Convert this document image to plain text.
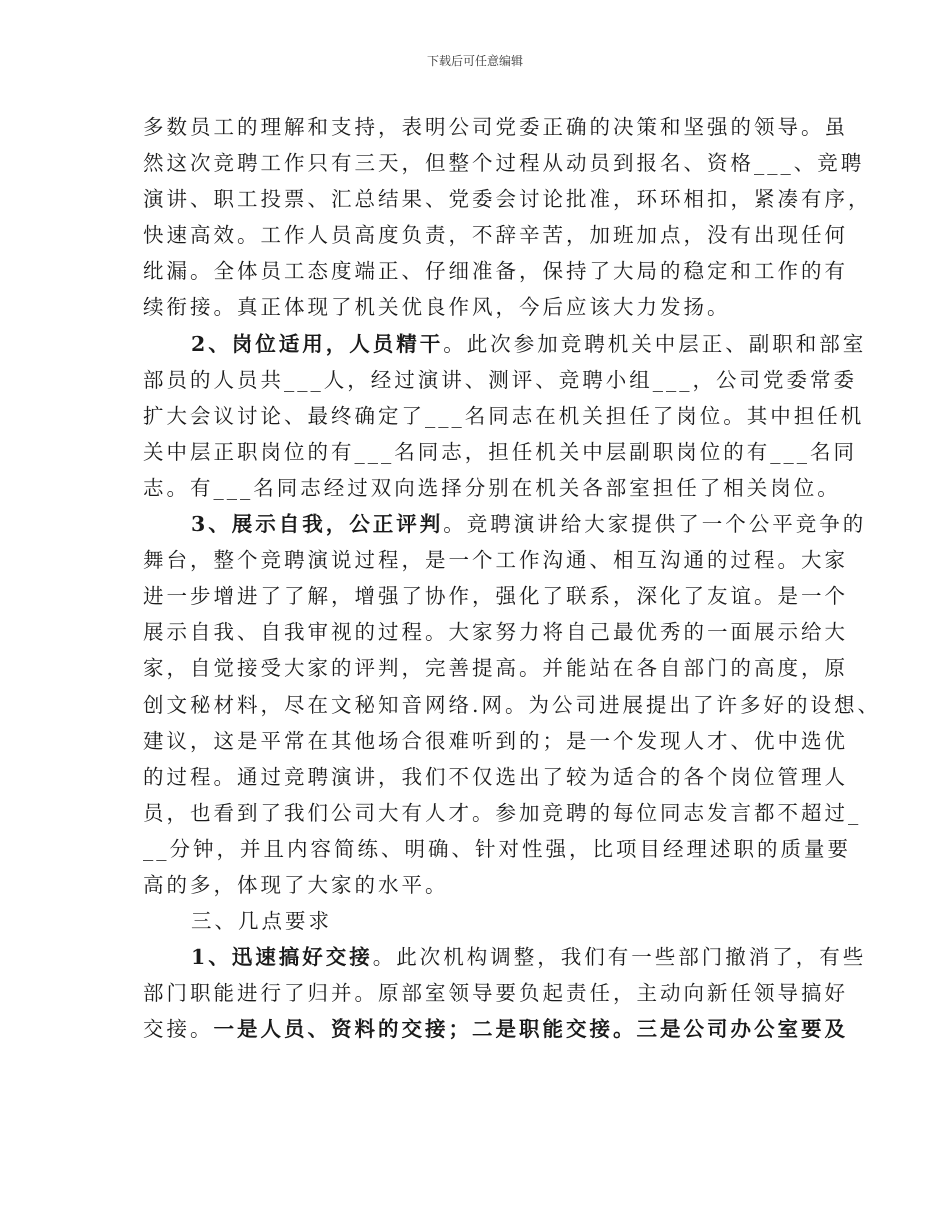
下载后可任意编辑
多数员工的理解和支持，表明公司党委正确的决策和坚强的领导。虽
然这次竞聘工作只有三天，但整个过程从动员到报名、资格___、竞聘
演讲、职工投票、汇总结果、党委会讨论批准，环环相扣，紧凑有序，
快速高效。工作人员高度负责，不辞辛苦，加班加点，没有出现任何
纰漏。全体员工态度端正、仔细准备，保持了大局的稳定和工作的有
续衔接。真正体现了机关优良作风，今后应该大力发扬。
2、岗位适用，人员精干。此次参加竞聘机关中层正、副职和部室
部员的人员共___人，经过演讲、测评、竞聘小组___，公司党委常委
扩大会议讨论、最终确定了___名同志在机关担任了岗位。其中担任机
关中层正职岗位的有___名同志，担任机关中层副职岗位的有___名同
志。有___名同志经过双向选择分别在机关各部室担任了相关岗位。
3、展示自我，公正评判。竞聘演讲给大家提供了一个公平竞争的
舞台，整个竞聘演说过程，是一个工作沟通、相互沟通的过程。大家
进一步增进了了解，增强了协作，强化了联系，深化了友谊。是一个
展示自我、自我审视的过程。大家努力将自己最优秀的一面展示给大
家，自觉接受大家的评判，完善提高。并能站在各自部门的高度，原
创文秘材料，尽在文秘知音网络.网。为公司进展提出了许多好的设想、
建议，这是平常在其他场合很难听到的；是一个发现人才、优中选优
的过程。通过竞聘演讲，我们不仅选出了较为适合的各个岗位管理人
员，也看到了我们公司大有人才。参加竞聘的每位同志发言都不超过_
__分钟，并且内容简练、明确、针对性强，比项目经理述职的质量要
高的多，体现了大家的水平。
三、几点要求
1、迅速搞好交接。此次机构调整，我们有一些部门撤消了，有些
部门职能进行了归并。原部室领导要负起责任，主动向新任领导搞好
交接。一是人员、资料的交接；二是职能交接。三是公司办公室要及
